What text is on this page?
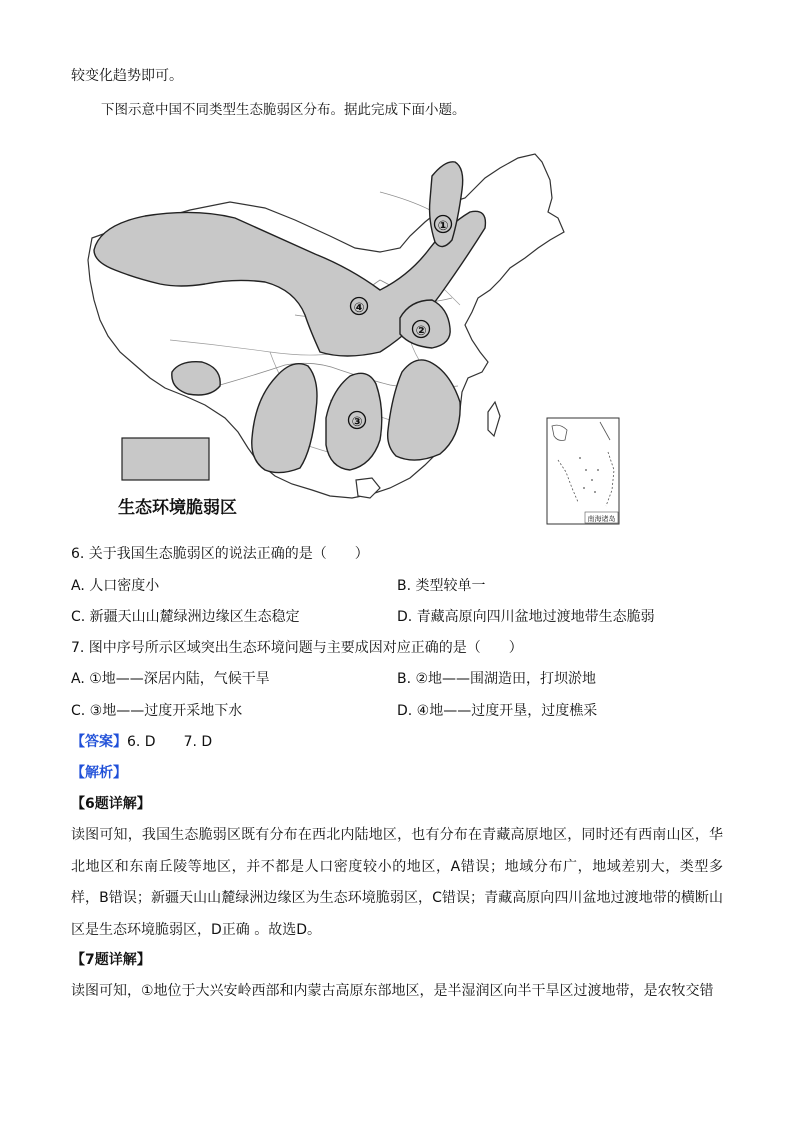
较变化趋势即可。
下图示意中国不同类型生态脆弱区分布。据此完成下面小题。
①
②
③
④
生态环境脆弱区
南海诸岛
6. 关于我国生态脆弱区的说法正确的是（　　）
A. 人口密度小	B. 类型较单一
C. 新疆天山山麓绿洲边缘区生态稳定	D. 青藏高原向四川盆地过渡地带生态脆弱
7. 图中序号所示区域突出生态环境问题与主要成因对应正确的是（　　）
A. ①地——深居内陆，气候干旱	B. ②地——围湖造田，打坝淤地
C. ③地——过度开采地下水	D. ④地——过度开垦，过度樵采
【答案】6. D　　7. D
【解析】
【6题详解】
读图可知，我国生态脆弱区既有分布在西北内陆地区，也有分布在青藏高原地区，同时还有西南山区，华北地区和东南丘陵等地区，并不都是人口密度较小的地区，A错误；地域分布广，地域差别大，类型多样，B错误；新疆天山山麓绿洲边缘区为生态环境脆弱区，C错误；青藏高原向四川盆地过渡地带的横断山区是生态环境脆弱区，D正确 。故选D。
【7题详解】
读图可知，①地位于大兴安岭西部和内蒙古高原东部地区，是半湿润区向半干旱区过渡地带，是农牧交错
